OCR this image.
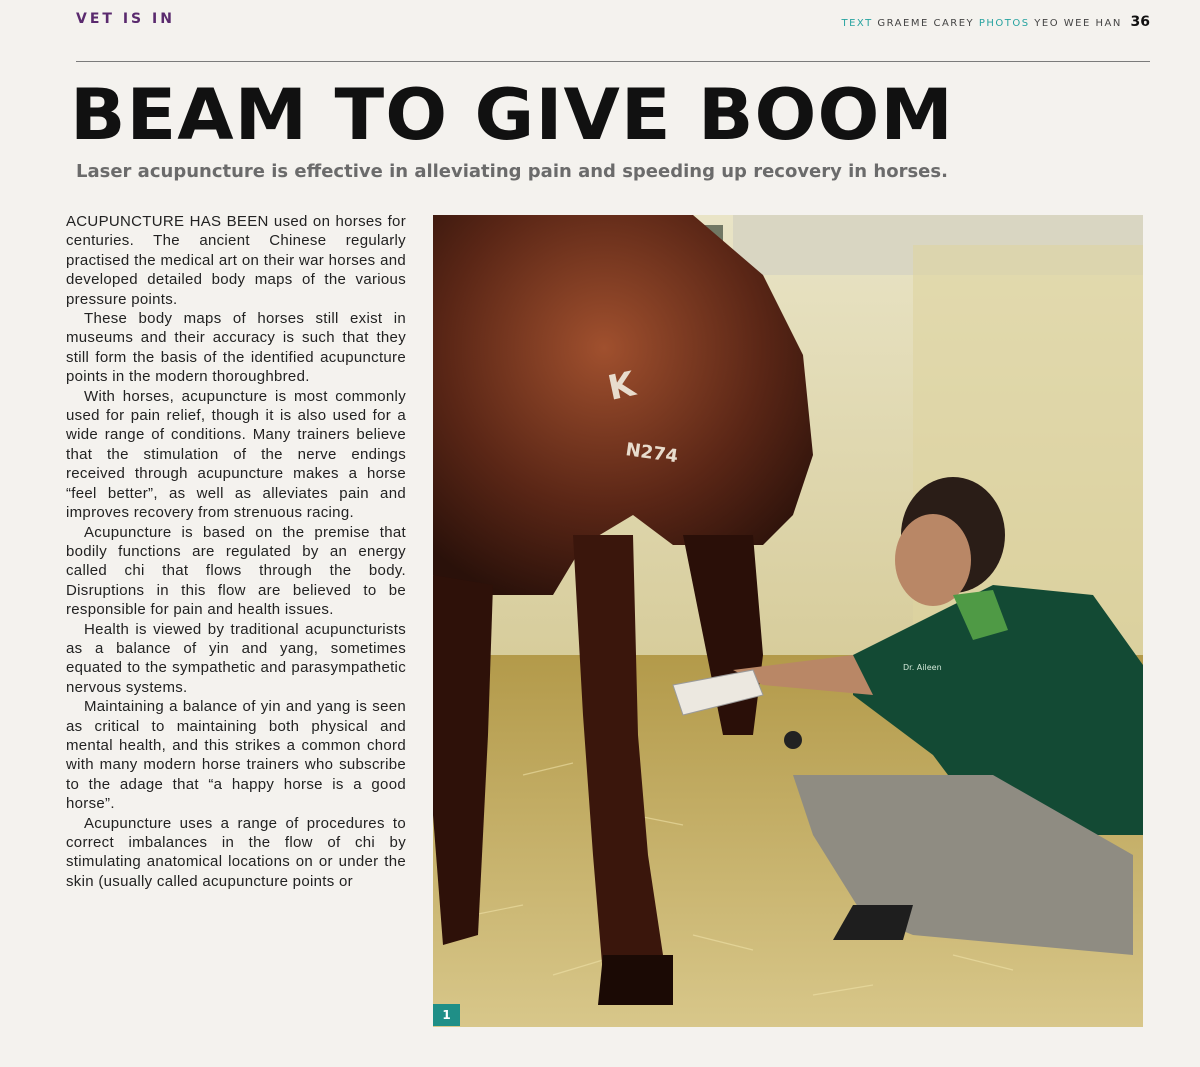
VET IS IN	TEXT GRAEME CAREY PHOTOS YEO WEE HAN 36
BEAM TO GIVE BOOM
Laser acupuncture is effective in alleviating pain and speeding up recovery in horses.

ACUPUNCTURE HAS BEEN used on horses for centuries. The ancient Chinese regularly practised the medical art on their war horses and developed detailed body maps of the various pressure points.

These body maps of horses still exist in museums and their accuracy is such that they still form the basis of the identified acupuncture points in the modern thoroughbred.

With horses, acupuncture is most commonly used for pain relief, though it is also used for a wide range of conditions. Many trainers believe that the stimulation of the nerve endings received through acupuncture makes a horse “feel better”, as well as alleviates pain and improves recovery from strenuous racing.

Acupuncture is based on the premise that bodily functions are regulated by an energy called chi that flows through the body. Disruptions in this flow are believed to be responsible for pain and health issues.

Health is viewed by traditional acupuncturists as a balance of yin and yang, sometimes equated to the sympathetic and parasympathetic nervous systems.

Maintaining a balance of yin and yang is seen as critical to maintaining both physical and mental health, and this strikes a common chord with many modern horse trainers who subscribe to the adage that “a happy horse is a good horse”.

Acupuncture uses a range of procedures to correct imbalances in the flow of chi by stimulating anatomical locations on or under the skin (usually called acupuncture points or

K
N274
Dr. Aileen
1
